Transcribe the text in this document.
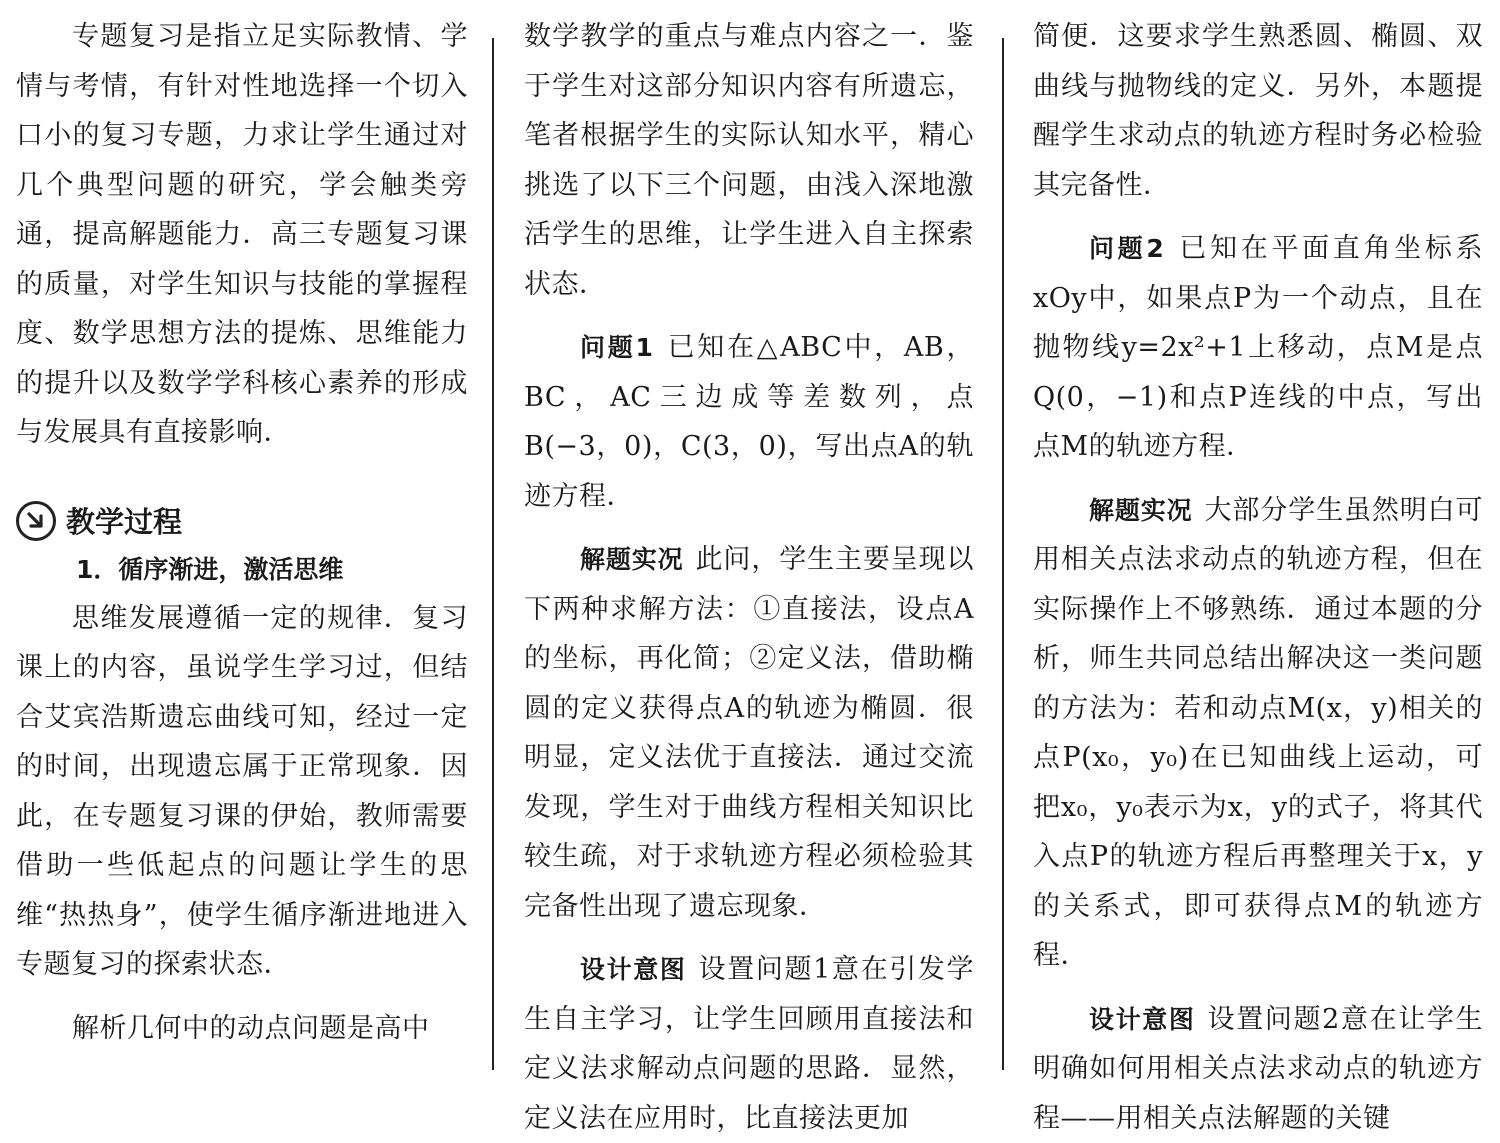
专题复习是指立足实际教情、学情与考情，有针对性地选择一个切入口小的复习专题，力求让学生通过对几个典型问题的研究，学会触类旁通，提高解题能力．高三专题复习课的质量，对学生知识与技能的掌握程度、数学思想方法的提炼、思维能力的提升以及数学学科核心素养的形成与发展具有直接影响．

教学过程
1．循序渐进，激活思维

思维发展遵循一定的规律．复习课上的内容，虽说学生学习过，但结合艾宾浩斯遗忘曲线可知，经过一定的时间，出现遗忘属于正常现象．因此，在专题复习课的伊始，教师需要借助一些低起点的问题让学生的思维“热热身”，使学生循序渐进地进入专题复习的探索状态．

解析几何中的动点问题是高中

数学教学的重点与难点内容之一．鉴于学生对这部分知识内容有所遗忘，笔者根据学生的实际认知水平，精心挑选了以下三个问题，由浅入深地激活学生的思维，让学生进入自主探索状态．

问题1 已知在△ABC中，AB，BC，AC三边成等差数列，点B(−3，0)，C(3，0)，写出点A的轨迹方程．

解题实况 此问，学生主要呈现以下两种求解方法：①直接法，设点A的坐标，再化简；②定义法，借助椭圆的定义获得点A的轨迹为椭圆．很明显，定义法优于直接法．通过交流发现，学生对于曲线方程相关知识比较生疏，对于求轨迹方程必须检验其完备性出现了遗忘现象．

设计意图 设置问题1意在引发学生自主学习，让学生回顾用直接法和定义法求解动点问题的思路．显然，定义法在应用时，比直接法更加

简便．这要求学生熟悉圆、椭圆、双曲线与抛物线的定义．另外，本题提醒学生求动点的轨迹方程时务必检验其完备性．

问题2 已知在平面直角坐标系xOy中，如果点P为一个动点，且在抛物线y=2x²+1上移动，点M是点Q(0，−1)和点P连线的中点，写出点M的轨迹方程．

解题实况 大部分学生虽然明白可用相关点法求动点的轨迹方程，但在实际操作上不够熟练．通过本题的分析，师生共同总结出解决这一类问题的方法为：若和动点M(x，y)相关的点P(x₀，y₀)在已知曲线上运动，可把x₀，y₀表示为x，y的式子，将其代入点P的轨迹方程后再整理关于x，y的关系式，即可获得点M的轨迹方程．

设计意图 设置问题2意在让学生明确如何用相关点法求动点的轨迹方程——用相关点法解题的关键
